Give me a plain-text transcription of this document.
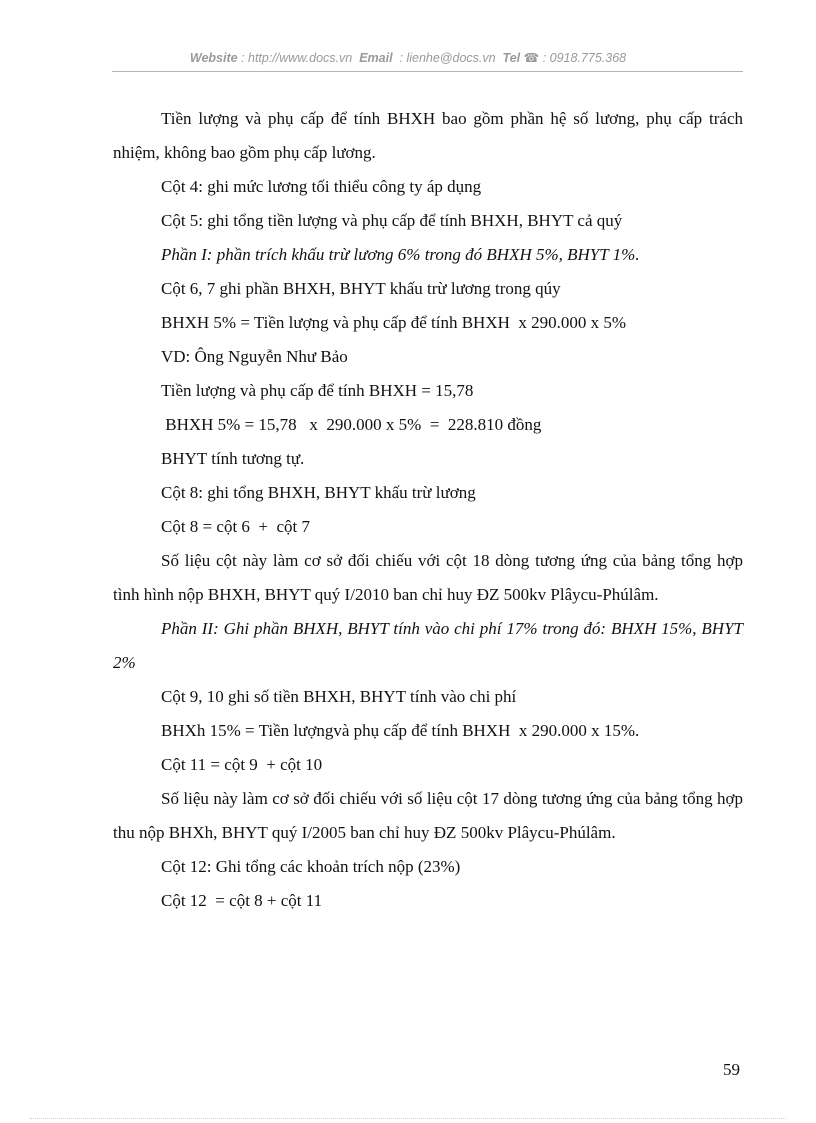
Website : http://www.docs.vn Email : lienhe@docs.vn Tel ☎ : 0918.775.368

Tiền lượng và phụ cấp để tính BHXH bao gồm phần hệ số lương, phụ cấp trách nhiệm, không bao gồm phụ cấp lương.

Cột 4: ghi mức lương tối thiểu công ty áp dụng

Cột 5: ghi tổng tiền lượng và phụ cấp để tính BHXH, BHYT cả quý

Phần I: phần trích khấu trừ lương 6% trong đó BHXH 5%, BHYT 1%.

Cột 6, 7 ghi phần BHXH, BHYT khấu trừ lương trong qúy

BHXH 5% = Tiền lượng và phụ cấp để tính BHXH  x 290.000 x 5%

VD: Ông Nguyễn Như Bảo

Tiền lượng và phụ cấp để tính BHXH = 15,78

BHXH 5% = 15,78   x  290.000 x 5%  =  228.810 đồng

BHYT tính tương tự.

Cột 8: ghi tổng BHXH, BHYT khấu trừ lương

Cột 8 = cột 6  +  cột 7

Số liệu cột này làm cơ sở đối chiếu với cột 18 dòng tương ứng của bảng tổng hợp tình hình nộp BHXH, BHYT quý I/2010 ban chỉ huy ĐZ 500kv Plâycu-Phúlâm.

Phần II: Ghi phần BHXH, BHYT tính vào chi phí 17% trong đó: BHXH 15%, BHYT 2%

Cột 9, 10 ghi số tiền BHXH, BHYT tính vào chi phí

BHXh 15% = Tiền lượngvà phụ cấp để tính BHXH  x 290.000 x 15%.

Cột 11 = cột 9  + cột 10

Số liệu này làm cơ sở đối chiếu với số liệu cột 17 dòng tương ứng của bảng tổng hợp thu nộp BHXh, BHYT quý I/2005 ban chỉ huy ĐZ 500kv Plâycu-Phúlâm.

Cột 12: Ghi tổng các khoản trích nộp (23%)

Cột 12  = cột 8 + cột 11

59
